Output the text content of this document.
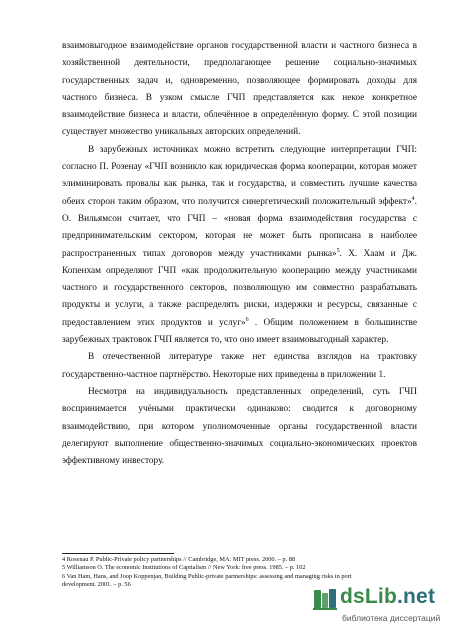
взаимовыгодное взаимодействие органов государственной власти и частного бизнеса в хозяйственной деятельности, предполагающее решение социально-значимых государственных задач и, одновременно, позволяющее формировать доходы для частного бизнеса. В узком смысле ГЧП представляется как некое конкретное взаимодействие бизнеса и власти, облечённое в определённую форму. С этой позиции существует множество уникальных авторских определений.

В зарубежных источниках можно встретить следующие интерпретации ГЧП: согласно П. Розенау «ГЧП возникло как юридическая форма кооперации, которая может элиминировать провалы как рынка, так и государства, и совместить лучшие качества обеих сторон таким образом, что получится синергетический положительный эффект»$^4$. О. Вильямсон считает, что ГЧП – «новая форма взаимодействия государства с предпринимательским сектором, которая не может быть прописана в наиболее распространенных типах договоров между участниками рынка»$^5$. Х. Хаам и Дж. Копенхам определяют ГЧП «как продолжительную кооперацию между участниками частного и государственного секторов, позволяющую им совместно разрабатывать продукты и услуги, а также распределять риски, издержки и ресурсы, связанные с предоставлением этих продуктов и услуг»$^6$ . Общим положением в большинстве зарубежных трактовок ГЧП является то, что оно имеет взаимовыгодный характер.

В отечественной литературе также нет единства взглядов на трактовку государственно-частное партнёрство. Некоторые них приведены в приложении 1.

Несмотря на индивидуальность представленных определений, суть ГЧП воспринимается учёными практически одинаково: сводится к договорному взаимодействию, при котором уполномоченные органы государственной власти делегируют выполнение общественно-значимых социально-экономических проектов эффективному инвестору.

4 Rosenau P. Public-Private policy partnerships // Cambridge, MA: MIT press. 2000. – p. 88
5 Williamson O. The economic Institutions of Capitalism // New York: free press. 1985. – p. 102
6 Van Ham, Hans, and Joop Koppenjan, Building Public-private partnerships: assessing and managing risks in port
development. 2001. – p. 56
dsLib.net
библиотека диссертаций
